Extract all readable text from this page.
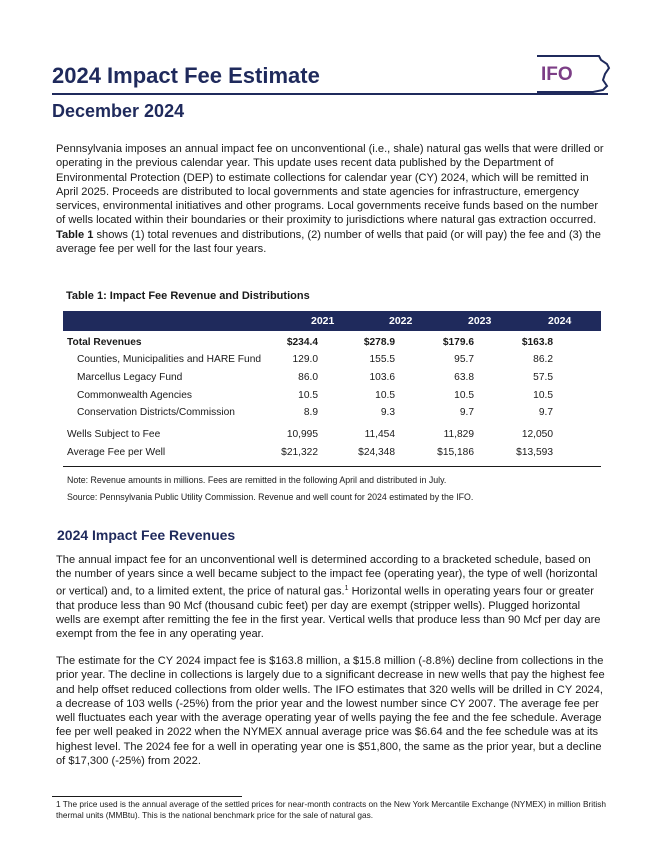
2024 Impact Fee Estimate	IFO
December 2024
Pennsylvania imposes an annual impact fee on unconventional (i.e., shale) natural gas wells that were drilled or operating in the previous calendar year. This update uses recent data published by the Department of Environmental Protection (DEP) to estimate collections for calendar year (CY) 2024, which will be remitted in April 2025. Proceeds are distributed to local governments and state agencies for infrastructure, emergency services, environmental initiatives and other programs. Local governments receive funds based on the number of wells located within their boundaries or their proximity to jurisdictions where natural gas extraction occurred. Table 1 shows (1) total revenues and distributions, (2) number of wells that paid (or will pay) the fee and (3) the average fee per well for the last four years.
Table 1: Impact Fee Revenue and Distributions
2021	2022	2023	2024
Total Revenues	$234.4	$278.9	$179.6	$163.8
Counties, Municipalities and HARE Fund	129.0	155.5	95.7	86.2
Marcellus Legacy Fund	86.0	103.6	63.8	57.5
Commonwealth Agencies	10.5	10.5	10.5	10.5
Conservation Districts/Commission	8.9	9.3	9.7	9.7
Wells Subject to Fee	10,995	11,454	11,829	12,050
Average Fee per Well	$21,322	$24,348	$15,186	$13,593
Note: Revenue amounts in millions. Fees are remitted in the following April and distributed in July.
Source: Pennsylvania Public Utility Commission. Revenue and well count for 2024 estimated by the IFO.
2024 Impact Fee Revenues
The annual impact fee for an unconventional well is determined according to a bracketed schedule, based on the number of years since a well became subject to the impact fee (operating year), the type of well (horizontal or vertical) and, to a limited extent, the price of natural gas.$^1$ Horizontal wells in operating years four or greater that produce less than 90 Mcf (thousand cubic feet) per day are exempt (stripper wells). Plugged horizontal wells are exempt after remitting the fee in the first year. Vertical wells that produce less than 90 Mcf per day are exempt from the fee in any operating year.
The estimate for the CY 2024 impact fee is $163.8 million, a $15.8 million (-8.8%) decline from collections in the prior year. The decline in collections is largely due to a significant decrease in new wells that pay the highest fee and help offset reduced collections from older wells. The IFO estimates that 320 wells will be drilled in CY 2024, a decrease of 103 wells (-25%) from the prior year and the lowest number since CY 2007. The average fee per well fluctuates each year with the average operating year of wells paying the fee and the fee schedule. Average fee per well peaked in 2022 when the NYMEX annual average price was $6.64 and the fee schedule was at its highest level. The 2024 fee for a well in operating year one is $51,800, the same as the prior year, but a decline of $17,300 (-25%) from 2022.
1 The price used is the annual average of the settled prices for near-month contracts on the New York Mercantile Exchange (NYMEX) in million British thermal units (MMBtu). This is the national benchmark price for the sale of natural gas.
